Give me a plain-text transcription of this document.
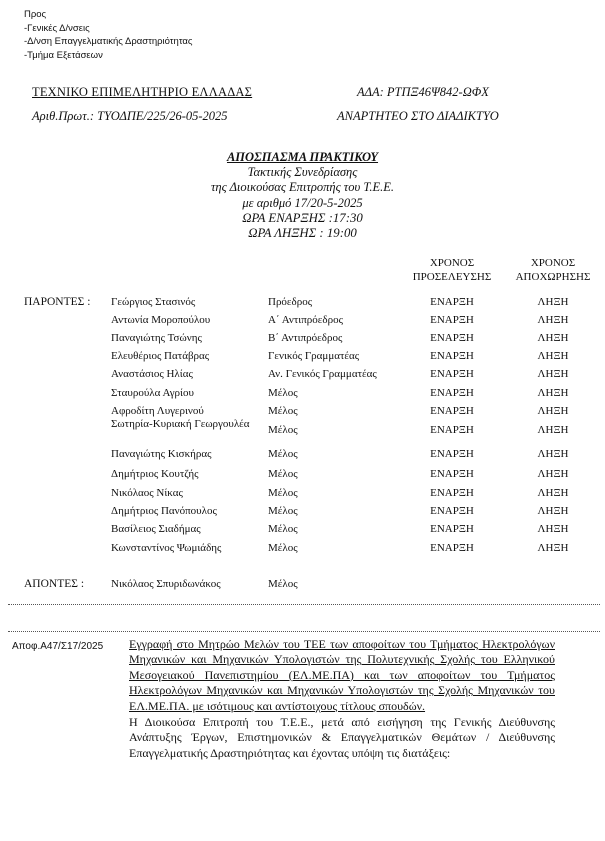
Προς
-Γενικές Δ/νσεις
-Δ/νση Επαγγελματικής Δραστηριότητας
-Τμήμα Εξετάσεων
ΤΕΧΝΙΚΟ ΕΠΙΜΕΛΗΤΗΡΙΟ ΕΛΛΑΔΑΣ	ΑΔΑ: ΡΤΠΞ46Ψ842-ΩΦΧ
Αριθ.Πρωτ.: ΤΥΟΔΠΕ/225/26-05-2025	ΑΝΑΡΤΗΤΕΟ ΣΤΟ ΔΙΑΔΙΚΤΥΟ
ΑΠΟΣΠΑΣΜΑ ΠΡΑΚΤΙΚΟΥ
Τακτικής Συνεδρίασης
της Διοικούσας Επιτροπής του Τ.Ε.Ε.
με αριθμό 17/20-5-2025
ΩΡΑ ΕΝΑΡΞΗΣ :17:30
ΩΡΑ ΛΗΞΗΣ : 19:00
ΧΡΟΝΟΣ ΠΡΟΣΕΛΕΥΣΗΣ
ΧΡΟΝΟΣ ΑΠΟΧΩΡΗΣΗΣ
ΠΑΡΟΝΤΕΣ : Γεώργιος Στασινός	Πρόεδρος	ΕΝΑΡΞΗ	ΛΗΞΗ
Αντωνία Μοροπούλου	Α΄ Αντιπρόεδρος	ΕΝΑΡΞΗ	ΛΗΞΗ
Παναγιώτης Τσώνης	Β΄ Αντιπρόεδρος	ΕΝΑΡΞΗ	ΛΗΞΗ
Ελευθέριος Πατάβρας	Γενικός Γραμματέας	ΕΝΑΡΞΗ	ΛΗΞΗ
Αναστάσιος Ηλίας	Αν. Γενικός Γραμματέας	ΕΝΑΡΞΗ	ΛΗΞΗ
Σταυρούλα Αγρίου	Μέλος	ΕΝΑΡΞΗ	ΛΗΞΗ
Αφροδίτη Λυγερινού	Μέλος	ΕΝΑΡΞΗ	ΛΗΞΗ
Σωτηρία-Κυριακή Γεωργουλέα	Μέλος	ΕΝΑΡΞΗ	ΛΗΞΗ
Παναγιώτης Κισκήρας	Μέλος	ΕΝΑΡΞΗ	ΛΗΞΗ
Δημήτριος Κουτζής	Μέλος	ΕΝΑΡΞΗ	ΛΗΞΗ
Νικόλαος Νίκας	Μέλος	ΕΝΑΡΞΗ	ΛΗΞΗ
Δημήτριος Πανόπουλος	Μέλος	ΕΝΑΡΞΗ	ΛΗΞΗ
Βασίλειος Σιαδήμας	Μέλος	ΕΝΑΡΞΗ	ΛΗΞΗ
Κωνσταντίνος Ψωμιάδης	Μέλος	ΕΝΑΡΞΗ	ΛΗΞΗ
ΑΠΟΝΤΕΣ : Νικόλαος Σπυριδωνάκος	Μέλος
Αποφ.Α47/Σ17/2025 Εγγραφή στο Μητρώο Μελών του ΤΕΕ των αποφοίτων του Τμήματος Ηλεκτρολόγων Μηχανικών και Μηχανικών Υπολογιστών της Πολυτεχνικής Σχολής του Ελληνικού Μεσογειακού Πανεπιστημίου (ΕΛ.ΜΕ.ΠΑ) και των αποφοίτων του Τμήματος Ηλεκτρολόγων Μηχανικών και Μηχανικών Υπολογιστών της Σχολής Μηχανικών του ΕΛ.ΜΕ.ΠΑ. με ισότιμους και αντίστοιχους τίτλους σπουδών.
Η Διοικούσα Επιτροπή του Τ.Ε.Ε., μετά από εισήγηση της Γενικής Διεύθυνσης Ανάπτυξης Έργων, Επιστημονικών & Επαγγελματικών Θεμάτων / Διεύθυνσης Επαγγελματικής Δραστηριότητας και έχοντας υπόψη τις διατάξεις:
